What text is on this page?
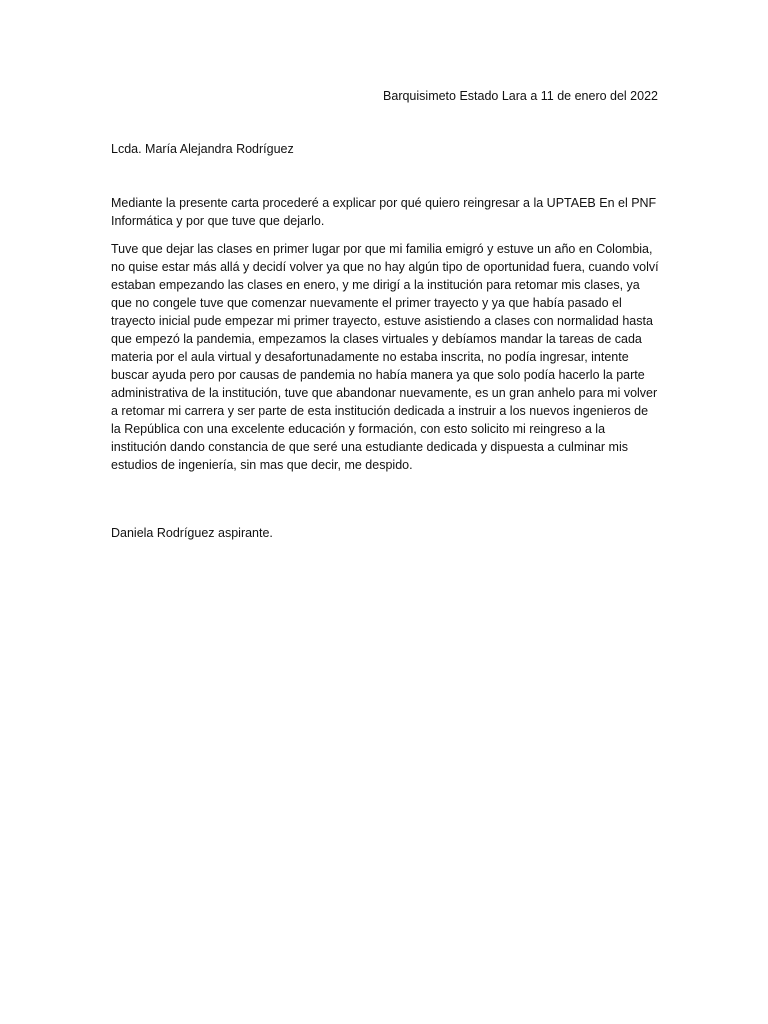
Barquisimeto Estado Lara a 11 de enero del 2022

Lcda. María Alejandra Rodríguez

Mediante la presente carta procederé a explicar por qué quiero reingresar a la UPTAEB En el PNF Informática y por que tuve que dejarlo.

Tuve que dejar las clases en primer lugar por que mi familia emigró y estuve un año en Colombia, no quise estar más allá y decidí volver ya que no hay algún tipo de oportunidad fuera, cuando volví estaban empezando las clases en enero, y me dirigí a la institución para retomar mis clases, ya que no congele tuve que comenzar nuevamente el primer trayecto y ya que había pasado el trayecto inicial pude empezar mi primer trayecto, estuve asistiendo a clases con normalidad hasta que empezó la pandemia, empezamos la clases virtuales y debíamos mandar la tareas de cada materia por el aula virtual y desafortunadamente no estaba inscrita, no podía ingresar, intente buscar ayuda pero por causas de pandemia no había manera ya que solo podía hacerlo la parte administrativa de la institución, tuve que abandonar nuevamente, es un gran anhelo para mi volver a retomar mi carrera y ser parte de esta institución dedicada a instruir a los nuevos ingenieros de la República con una excelente educación y formación, con esto solicito mi reingreso a la institución dando constancia de que seré una estudiante dedicada y dispuesta a culminar mis estudios de ingeniería, sin mas que decir, me despido.

Daniela Rodríguez aspirante.
